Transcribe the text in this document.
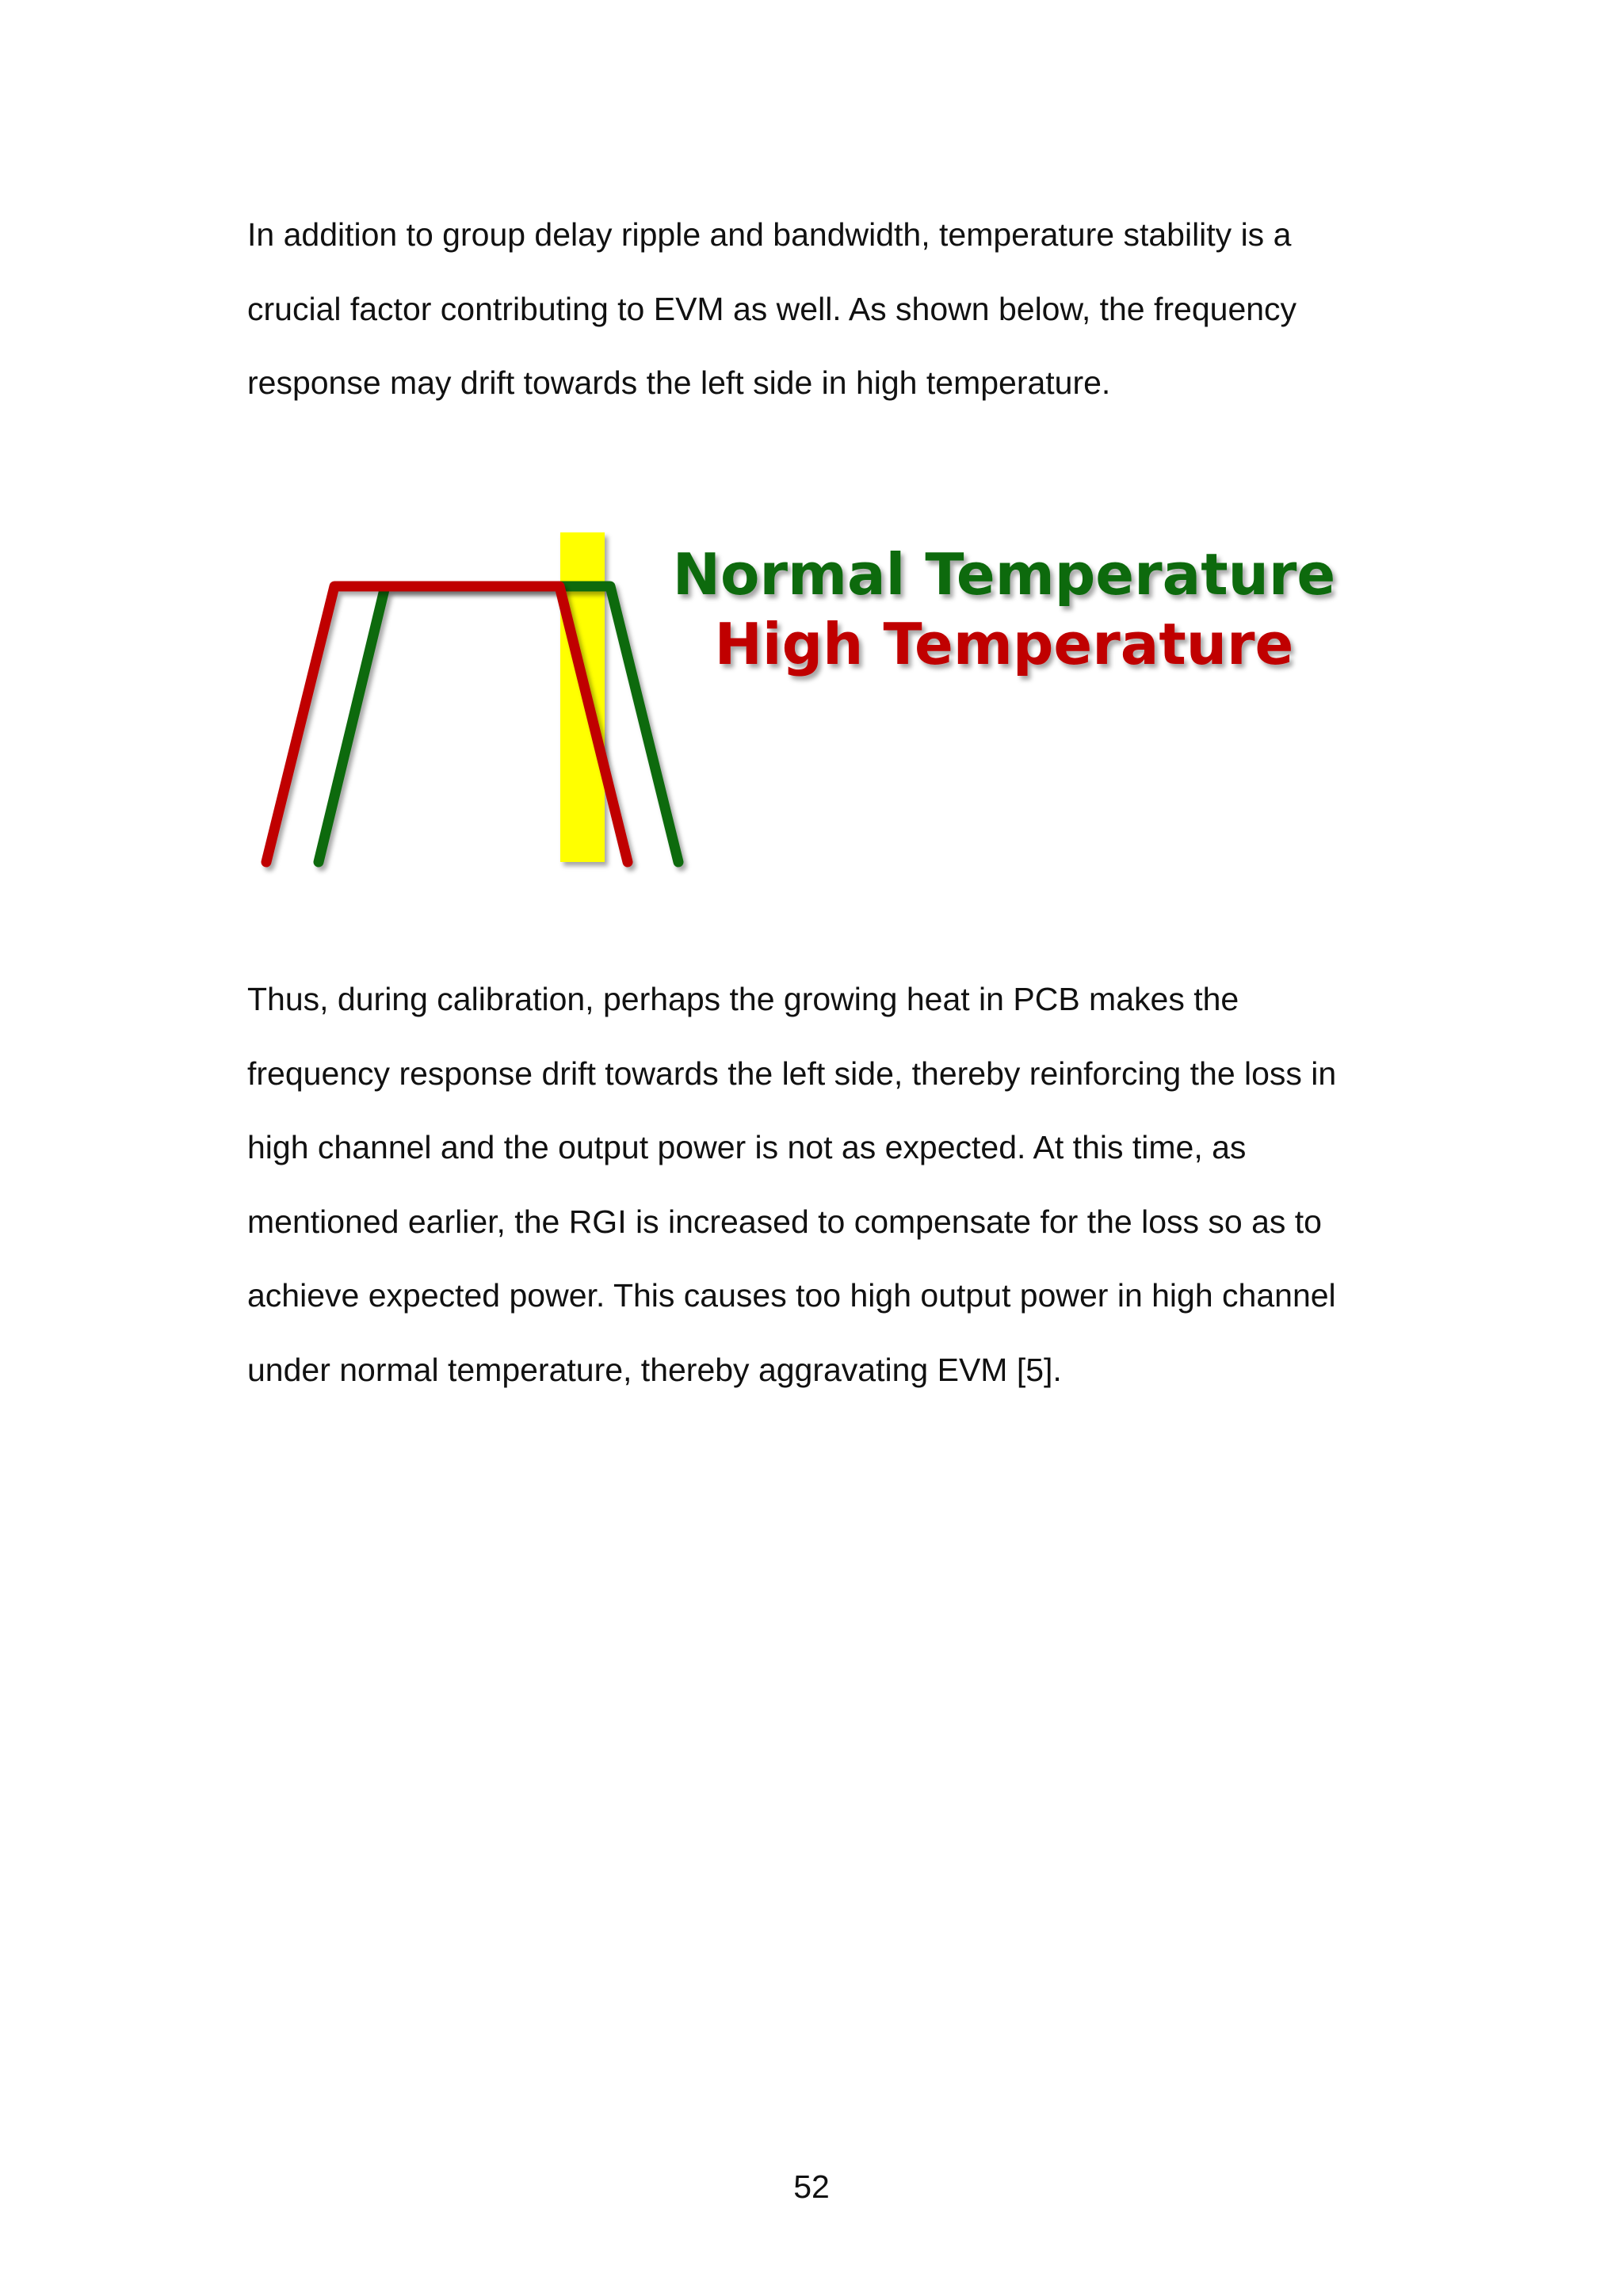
In addition to group delay ripple and bandwidth, temperature stability is a
crucial factor contributing to EVM as well. As shown below, the frequency
response may drift towards the left side in high temperature.
Normal Temperature
High Temperature
Thus, during calibration, perhaps the growing heat in PCB makes the
frequency response drift towards the left side, thereby reinforcing the loss in
high channel and the output power is not as expected. At this time, as
mentioned earlier, the RGI is increased to compensate for the loss so as to
achieve expected power. This causes too high output power in high channel
under normal temperature, thereby aggravating EVM [5].
52
